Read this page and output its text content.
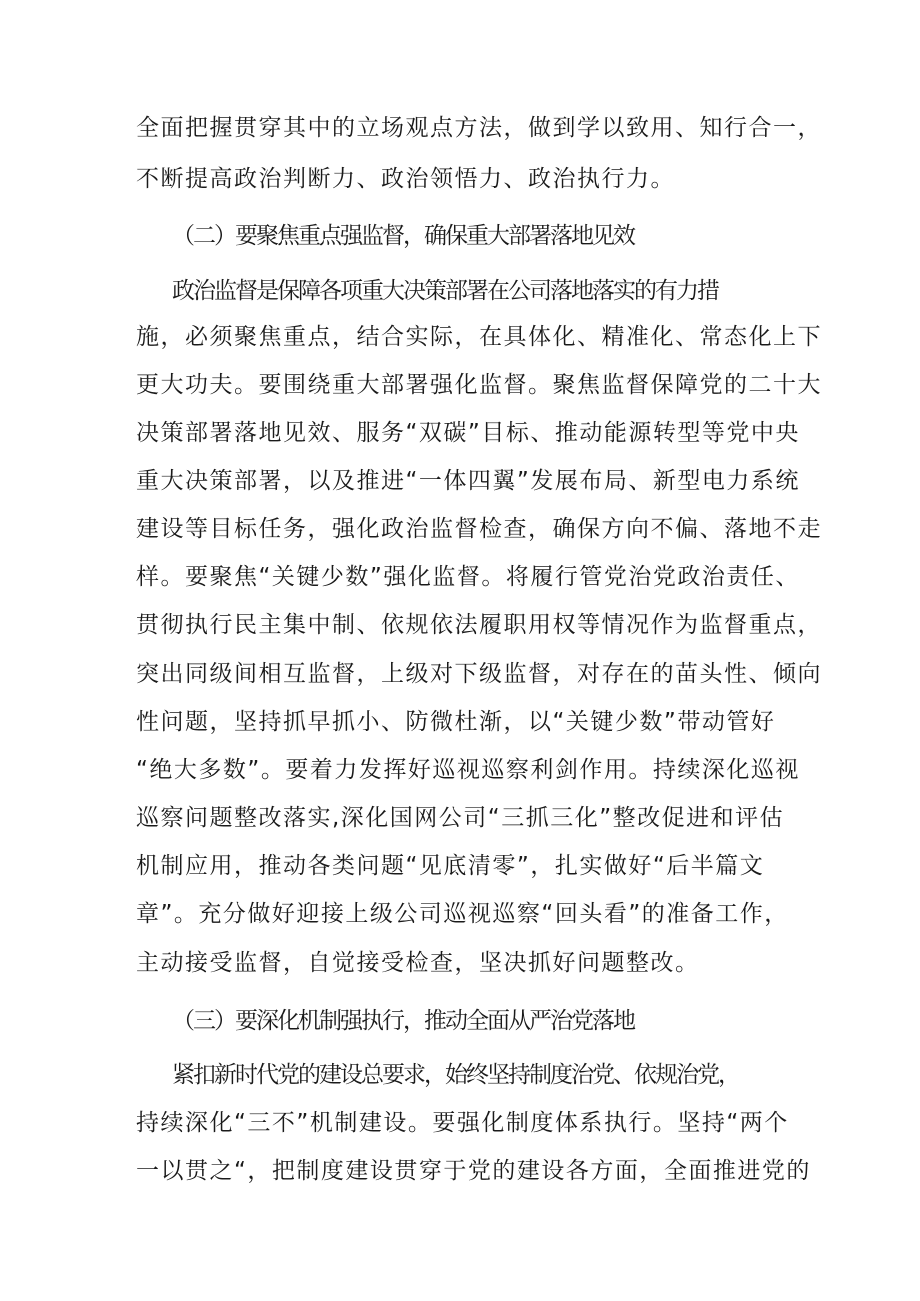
全面把握贯穿其中的立场观点方法，做到学以致用、知行合一，
不断提高政治判断力、政治领悟力、政治执行力。
（二）要聚焦重点强监督，确保重大部署落地见效
政治监督是保障各项重大决策部署在公司落地落实的有力措
施，必须聚焦重点，结合实际，在具体化、精准化、常态化上下
更大功夫。要围绕重大部署强化监督。聚焦监督保障党的二十大
决策部署落地见效、服务“双碳”目标、推动能源转型等党中央
重大决策部署，以及推进“一体四翼”发展布局、新型电力系统
建设等目标任务，强化政治监督检查，确保方向不偏、落地不走
样。要聚焦“关键少数”强化监督。将履行管党治党政治责任、
贯彻执行民主集中制、依规依法履职用权等情况作为监督重点，
突出同级间相互监督，上级对下级监督，对存在的苗头性、倾向
性问题，坚持抓早抓小、防微杜渐，以“关键少数”带动管好
“绝大多数”。要着力发挥好巡视巡察利剑作用。持续深化巡视
巡察问题整改落实,深化国网公司“三抓三化”整改促进和评估
机制应用，推动各类问题“见底清零”，扎实做好“后半篇文
章”。充分做好迎接上级公司巡视巡察“回头看”的准备工作，
主动接受监督，自觉接受检查，坚决抓好问题整改。
（三）要深化机制强执行，推动全面从严治党落地
紧扣新时代党的建设总要求，始终坚持制度治党、依规治党，
持续深化“三不”机制建设。要强化制度体系执行。坚持“两个
一以贯之“，把制度建设贯穿于党的建设各方面，全面推进党的
